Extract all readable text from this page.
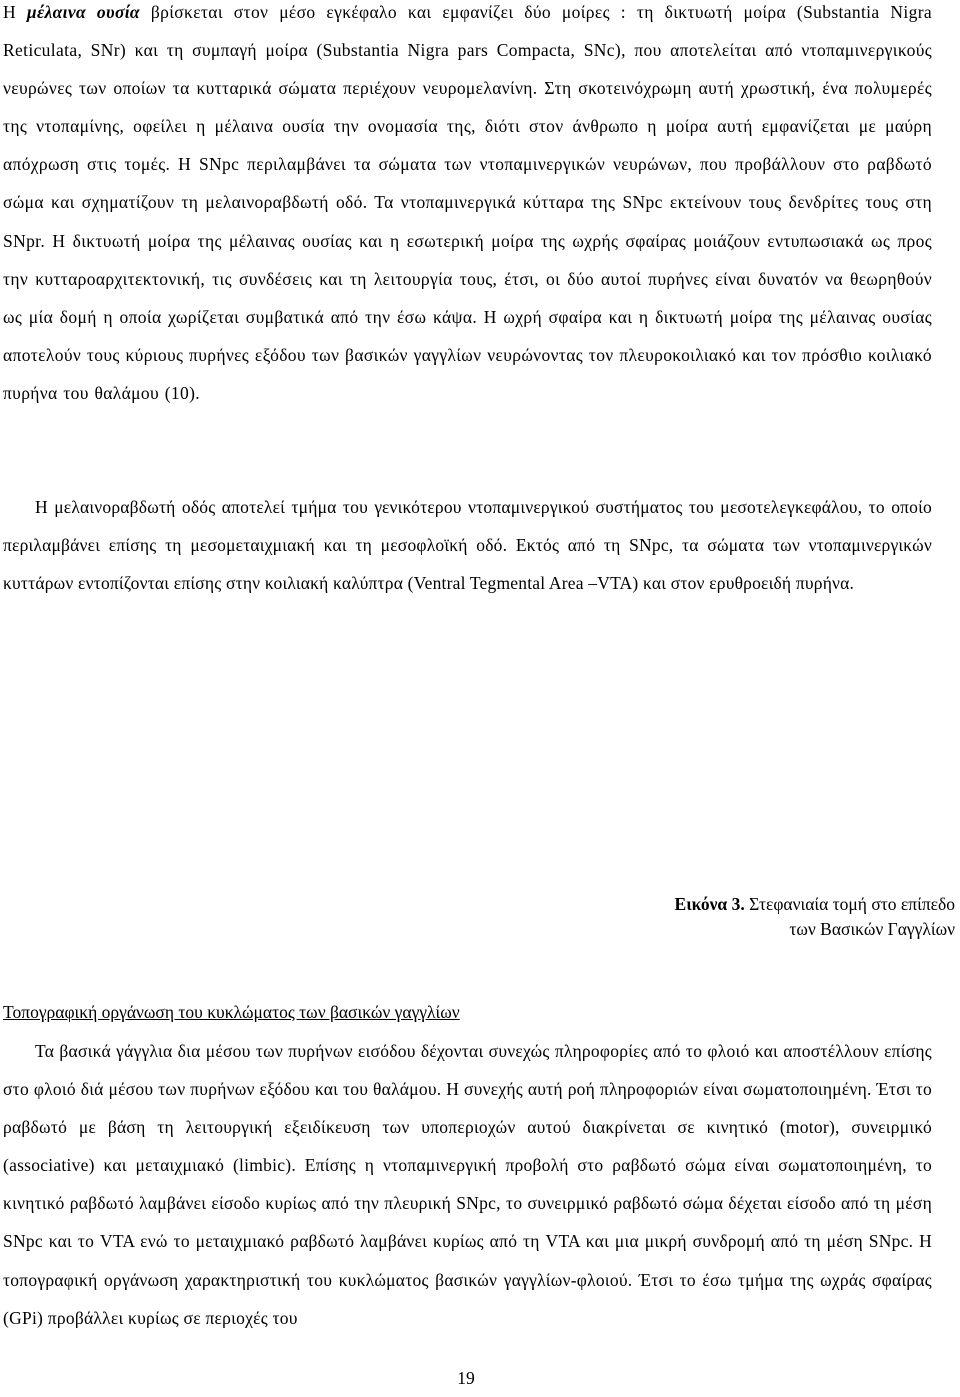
Η μέλαινα ουσία βρίσκεται στον μέσο εγκέφαλο και εμφανίζει δύο μοίρες : τη δικτυωτή μοίρα (Substantia Nigra Reticulata, SNr) και τη συμπαγή μοίρα (Substantia Nigra pars Compacta, SNc), που αποτελείται από ντοπαμινεργικούς νευρώνες των οποίων τα κυτταρικά σώματα περιέχουν νευρομελανίνη. Στη σκοτεινόχρωμη αυτή χρωστική, ένα πολυμερές της ντοπαμίνης, οφείλει η μέλαινα ουσία την ονομασία της, διότι στον άνθρωπο η μοίρα αυτή εμφανίζεται με μαύρη απόχρωση στις τομές. Η SNpc περιλαμβάνει τα σώματα των ντοπαμινεργικών νευρώνων, που προβάλλουν στο ραβδωτό σώμα και σχηματίζουν τη μελαινοραβδωτή οδό. Τα ντοπαμινεργικά κύτταρα της SNpc εκτείνουν τους δενδρίτες τους στη SNpr. Η δικτυωτή μοίρα της μέλαινας ουσίας και η εσωτερική μοίρα της ωχρής σφαίρας μοιάζουν εντυπωσιακά ως προς την κυτταροαρχιτεκτονική, τις συνδέσεις και τη λειτουργία τους, έτσι, οι δύο αυτοί πυρήνες είναι δυνατόν να θεωρηθούν ως μία δομή η οποία χωρίζεται συμβατικά από την έσω κάψα. Η ωχρή σφαίρα και η δικτυωτή μοίρα της μέλαινας ουσίας αποτελούν τους κύριους πυρήνες εξόδου των βασικών γαγγλίων νευρώνοντας τον πλευροκοιλιακό και τον πρόσθιο κοιλιακό πυρήνα του θαλάμου (10).

Η μελαινοραβδωτή οδός αποτελεί τμήμα του γενικότερου ντοπαμινεργικού συστήματος του μεσοτελεγκεφάλου, το οποίο περιλαμβάνει επίσης τη μεσομεταιχμιακή και τη μεσοφλοϊκή οδό. Εκτός από τη SNpc, τα σώματα των ντοπαμινεργικών κυττάρων εντοπίζονται επίσης στην κοιλιακή καλύπτρα (Ventral Tegmental Area –VTA) και στον ερυθροειδή πυρήνα.

Εικόνα 3. Στεφανιαία τομή στο επίπεδο των Βασικών Γαγγλίων
Τοπογραφική οργάνωση του κυκλώματος των βασικών γαγγλίων

Τα βασικά γάγγλια δια μέσου των πυρήνων εισόδου δέχονται συνεχώς πληροφορίες από το φλοιό και αποστέλλουν επίσης στο φλοιό διά μέσου των πυρήνων εξόδου και του θαλάμου. Η συνεχής αυτή ροή πληροφοριών είναι σωματοποιημένη. Έτσι το ραβδωτό με βάση τη λειτουργική εξειδίκευση των υποπεριοχών αυτού διακρίνεται σε κινητικό (motor), συνειρμικό (associative) και μεταιχμιακό (limbic). Επίσης η ντοπαμινεργική προβολή στο ραβδωτό σώμα είναι σωματοποιημένη, το κινητικό ραβδωτό λαμβάνει είσοδο κυρίως από την πλευρική SNpc, το συνειρμικό ραβδωτό σώμα δέχεται είσοδο από τη μέση SNpc και το VTA ενώ το μεταιχμιακό ραβδωτό λαμβάνει κυρίως από τη VTA και μια μικρή συνδρομή από τη μέση SNpc. Η τοπογραφική οργάνωση χαρακτηριστική του κυκλώματος βασικών γαγγλίων-φλοιού. Έτσι το έσω τμήμα της ωχράς σφαίρας (GPi) προβάλλει κυρίως σε περιοχές του

19
